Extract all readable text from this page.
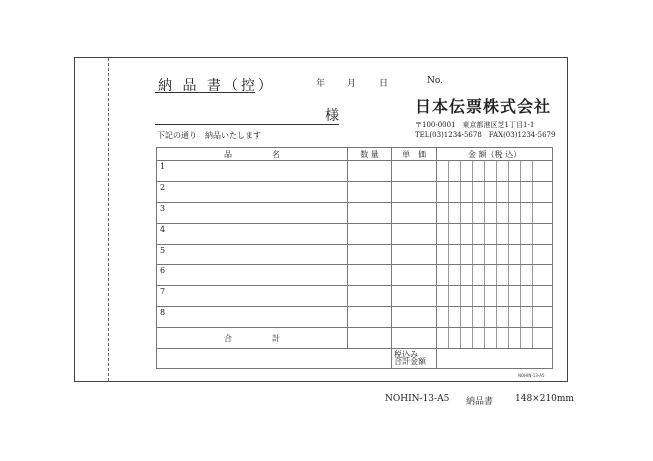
納 品 書（控）	年 月	日	No.
様	日本伝票株式会社
〒100-0001　東京都港区芝1丁目1-1
TEL(03)1234-5678　FAX(03)1234-5679
下記の通り　納品いたします
品　　　　　名	数 量	単　価	金 額（税 込）								
1											
2											
3											
4											
5											
6											
7											
8											
合　　　　　計											
		税込み
合計金額									
NOHIN-13-A5
NOHIN-13-A5 納品書 148×210mm
